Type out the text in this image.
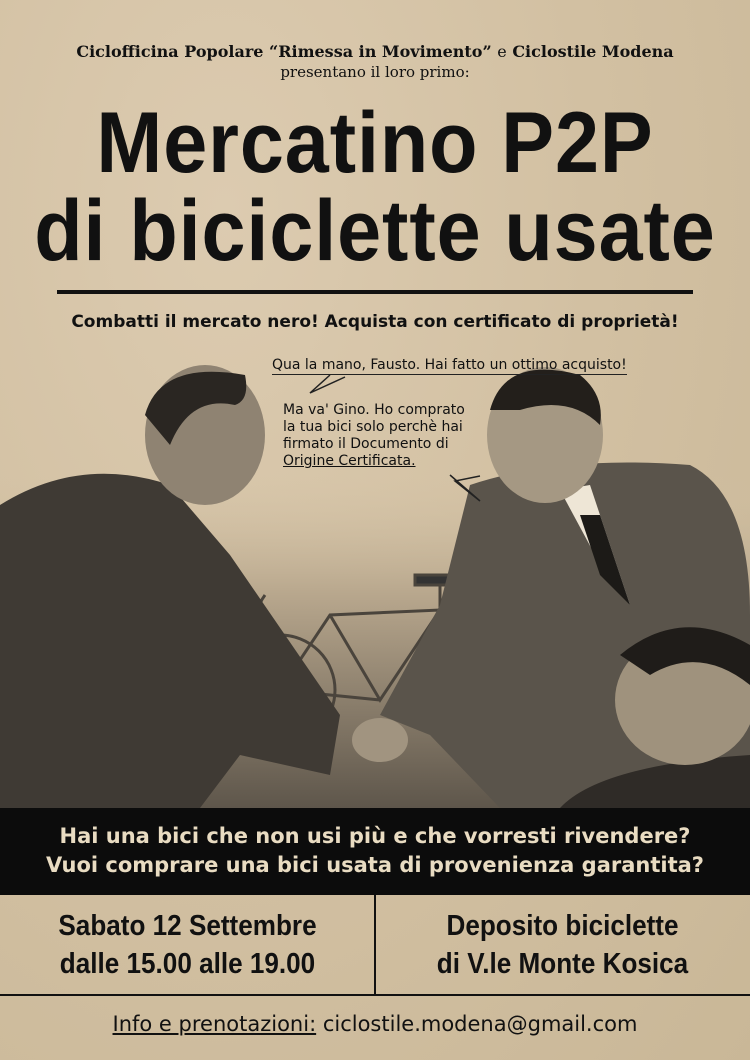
Ciclofficina Popolare “Rimessa in Movimento” e Ciclostile Modena
presentano il loro primo:
Mercatino P2P
di biciclette usate
Combatti il mercato nero! Acquista con certificato di proprietà!
Qua la mano, Fausto. Hai fatto un ottimo acquisto!
Ma va' Gino. Ho comprato
la tua bici solo perchè hai
firmato il Documento di
Origine Certificata.
Hai una bici che non usi più e che vorresti rivendere?
Vuoi comprare una bici usata di provenienza garantita?
Sabato 12 Settembre
dalle 15.00 alle 19.00
Deposito biciclette
di V.le Monte Kosica
Info e prenotazioni: ciclostile.modena@gmail.com
